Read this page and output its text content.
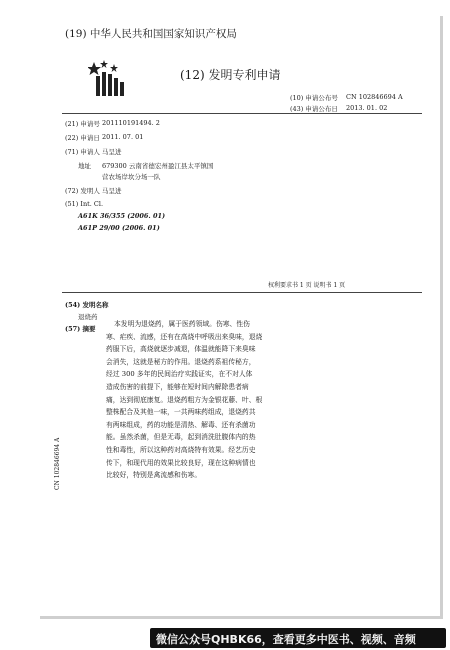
(19) 中华人民共和国国家知识产权局
(12) 发明专利申请
(10) 申请公布号 CN 102846694 A
(43) 申请公布日 2013. 01. 02
(21) 申请号 201110191494. 2
(22) 申请日 2011. 07. 01
(71) 申请人 马呈进
地址 679300 云南省德宏州盈江县太平镇国
营农场岸坎分场一队
(72) 发明人 马呈进
(51) Int. Cl.
A61K 36/355 (2006. 01)
A61P 29/00 (2006. 01)
权利要求书 1 页 说明书 1 页
(54) 发明名称
退烧药
(57) 摘要
本发明为退烧药，属于医药领域。伤寒、性伤
寒、疟疾、流感，还有在高烧中呼吸出来臭味，退烧
药服下后，高烧就逐步减退，体温就能降下来臭味
会消失，这就是秘方的作用。退烧药系祖传秘方，
经过 300 多年的民间治疗实践证实，在不对人体
造成伤害的前提下，能够在短时间内解除患者病
痛，达到彻底康复。退烧药粗方为金银花藤、叶、根
整株配合及其他一味，一共两味药组成，退烧药共
有两味组成，药的功能是清热、解毒、还有杀菌功
能。虽然杀菌，但是无毒，起到消洗肚腹体内的热
性和毒性，所以这种药对高烧特有效果。经艺历史
传下，和现代用的效果比较良好，现在这种病情也
比较好，特别是禽流感和伤寒。
CN 102846694 A
微信公众号QHBK66，查看更多中医书、视频、音频
